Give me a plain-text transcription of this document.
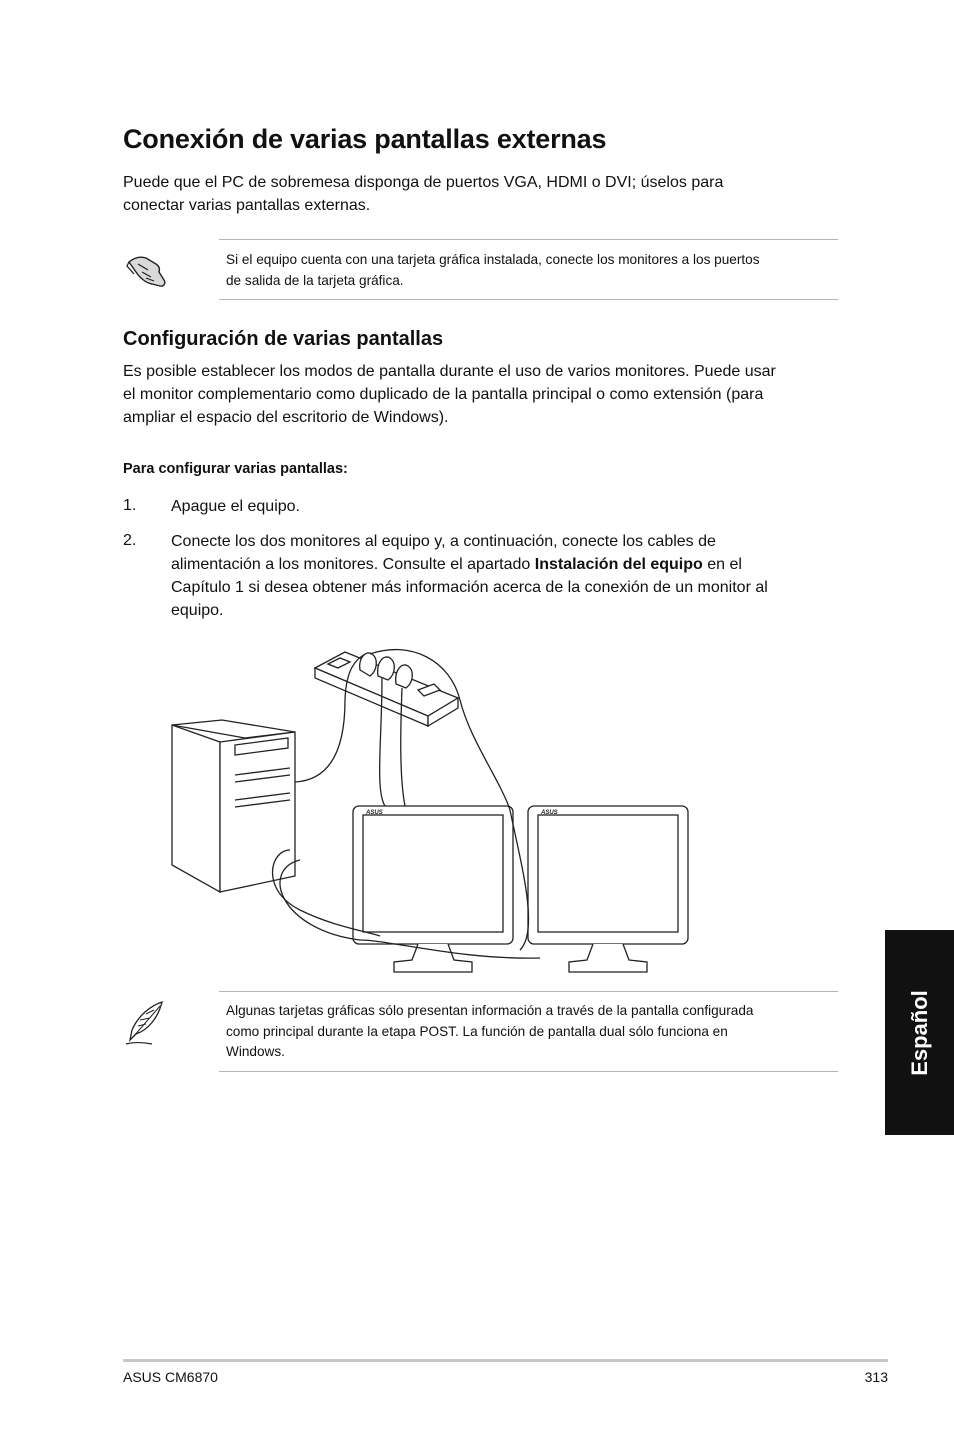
Conexión de varias pantallas externas
Puede que el PC de sobremesa disponga de puertos VGA, HDMI o DVI; úselos para
conectar varias pantallas externas.
Si el equipo cuenta con una tarjeta gráfica instalada, conecte los monitores a los puertos
de salida de la tarjeta gráfica.
Configuración de varias pantallas
Es posible establecer los modos de pantalla durante el uso de varios monitores. Puede usar
el monitor complementario como duplicado de la pantalla principal o como extensión (para
ampliar el espacio del escritorio de Windows).
Para configurar varias pantallas:
1. Apague el equipo.
2. Conecte los dos monitores al equipo y, a continuación, conecte los cables de
alimentación a los monitores. Consulte el apartado Instalación del equipo en el
Capítulo 1 si desea obtener más información acerca de la conexión de un monitor al
equipo.
ASUS	ASUS
Algunas tarjetas gráficas sólo presentan información a través de la pantalla configurada
como principal durante la etapa POST. La función de pantalla dual sólo funciona en
Windows.	Español
ASUS CM6870	313
